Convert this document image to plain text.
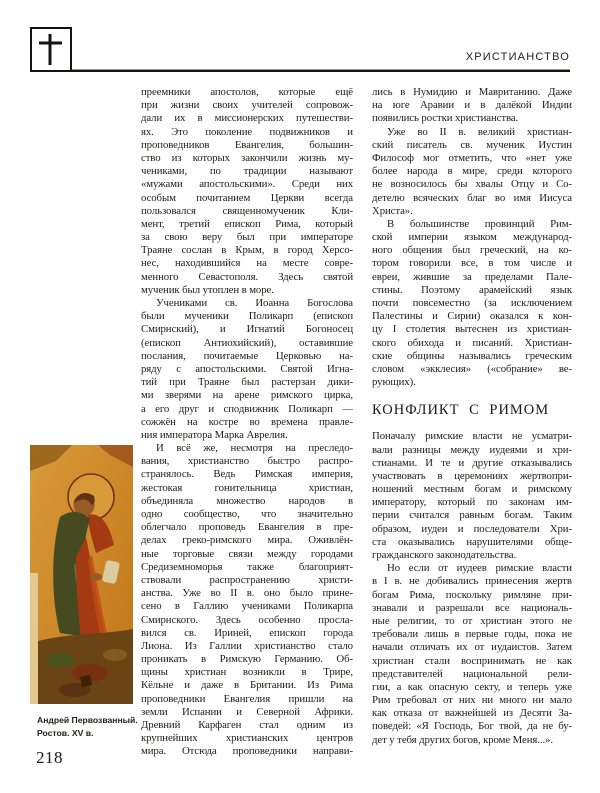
ХРИСТИАНСТВО
преемники апостолов, которые ещё
при жизни своих учителей сопровож-
дали их в миссионерских путешестви-
ях. Это поколение подвижников и
проповедников Евангелия, большин-
ство из которых закончили жизнь му-
чениками, по традиции называют
«мужами апостольскими». Среди них
особым почитанием Церкви всегда
пользовался священномученик Кли-
мент, третий епископ Рима, который
за свою веру был при императоре
Траяне сослан в Крым, в город Херсо-
нес, находившийся на месте совре-
менного Севастополя. Здесь святой
мученик был утоплен в море.
Учениками св. Иоанна Богослова
были мученики Поликарп (епископ
Смирнский), и Игнатий Богоносец
(епископ Антиохийский), оставившие
послания, почитаемые Церковью на-
ряду с апостольскими. Святой Игна-
тий при Траяне был растерзан дики-
ми зверями на арене римского цирка,
а его друг и сподвижник Поликарп —
сожжён на костре во времена правле-
ния императора Марка Аврелия.
И всё же, несмотря на преследо-
вания, христианство быстро распро-
странялось. Ведь Римская империя,
жестокая	гонительница	христиан,
объединяла множество народов в
одно сообщество, что значительно
облегчало проповедь Евангелия в пре-
делах греко-римского мира. Оживлён-
ные торговые связи между городами
Средиземноморья также благоприят-
ствовали	распространению	христи-
анства. Уже во II в. оно было прине-
сено в Галлию учениками Поликарпа
Смирнского. Здесь особенно просла-
вился св. Ириней, епископ города
Лиона. Из Галлии христианство стало
проникать в Римскую Германию. Об-
щины христиан возникли в Трире,
Кёльне и даже в Британии. Из Рима
проповедники Евангелия пришли на
земли Испании и Северной Африки.
Древний Карфаген стал одним из
крупнейших	христианских	центров
мира. Отсюда проповедники направи-
лись в Нумидию и Мавританию. Даже
на юге Аравии и в далёкой Индии
появились ростки христианства.
Уже во II в. великий христиан-
ский писатель св. мученик Иустин
Философ мог отметить, что «нет уже
более народа в мире, среди которого
не возносилось бы хвалы Отцу и Со-
детелю всяческих благ во имя Иисуса
Христа».
В большинстве провинций Рим-
ской империи языком международ-
ного общения был греческий, на ко-
тором говорили все, в том числе и
евреи, жившие за пределами Пале-
стины. Поэтому арамейский язык
почти повсеместно (за исключением
Палестины и Сирии) оказался к кон-
цу I столетия вытеснен из христиан-
ского обихода и писаний. Христиан-
ские общины назывались греческим
словом «экклесия» («собрание» ве-
рующих).
КОНФЛИКТ С РИМОМ
Поначалу римские власти не усматри-
вали разницы между иудеями и хри-
стианами. И те и другие отказывались
участвовать в церемониях жертвопри-
ношений местным богам и римскому
императору, который по законам им-
перии считался равным богам. Таким
образом, иудеи и последователи Хри-
ста оказывались нарушителями обще-
гражданского законодательства.
Но если от иудеев римские власти
в I в. не добивались принесения жертв
богам Рима, поскольку римляне при-
знавали и разрешали все националь-
ные религии, то от христиан этого не
требовали лишь в первые годы, пока не
начали отличать их от иудаистов. Затем
христиан стали воспринимать не как
представителей национальной рели-
гии, а как опасную секту, и теперь уже
Рим требовал от них ни много ни мало
как отказа от важнейшей из Десяти За-
поведей: «Я Господь, Бог твой, да не бу-
дет у тебя других богов, кроме Меня...».
Андрей Первозванный.
Ростов. XV в.
218
